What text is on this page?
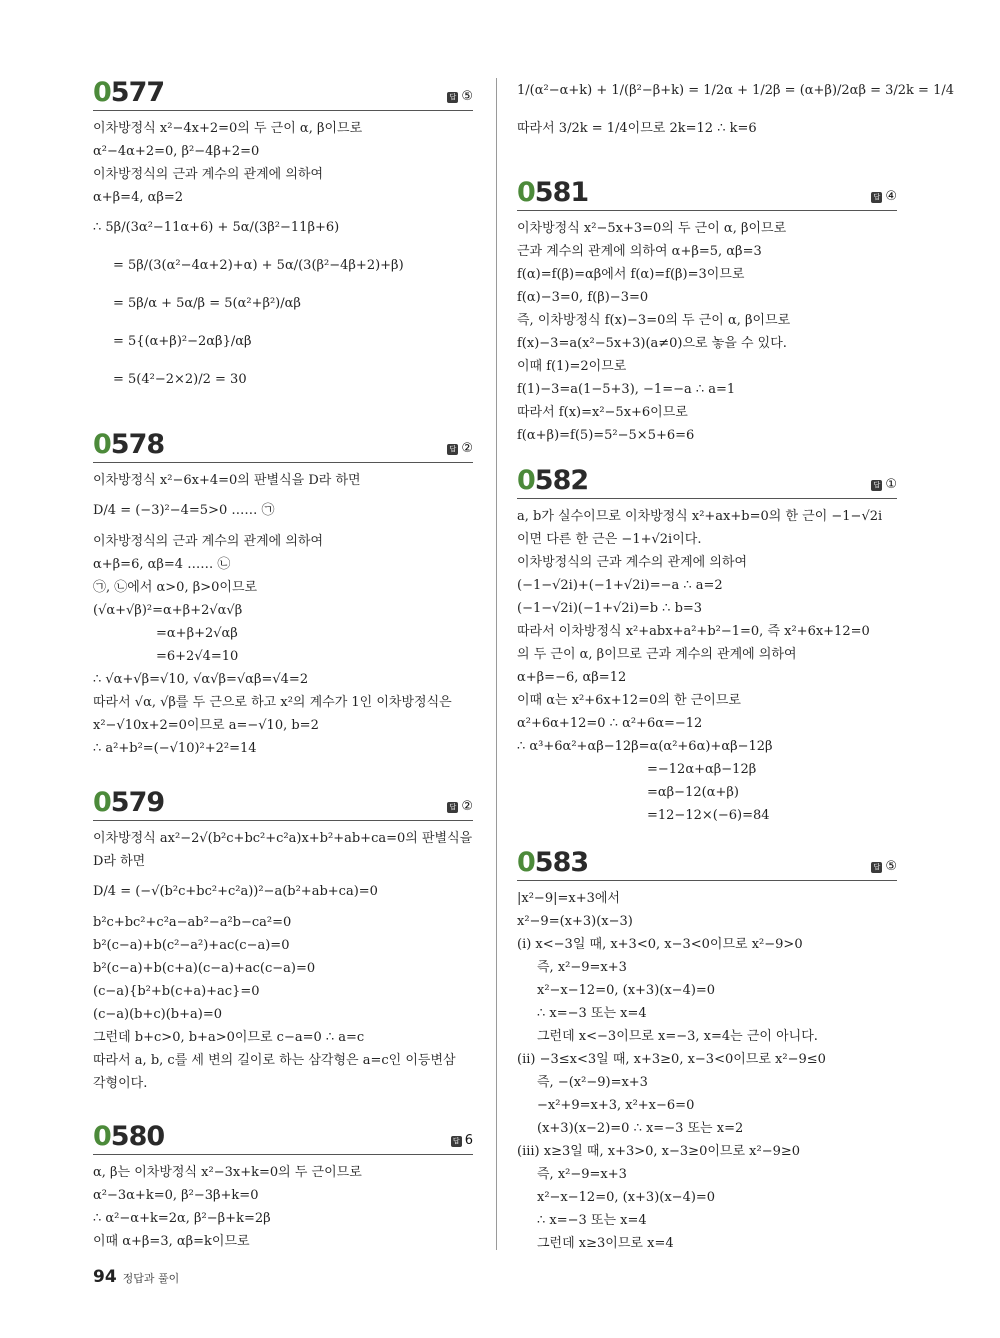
0577	답 ⑤
이차방정식 x²−4x+2=0의 두 근이 α, β이므로
α²−4α+2=0, β²−4β+2=0
이차방정식의 근과 계수의 관계에 의하여
α+β=4, αβ=2
∴ 5β/(3α²−11α+6) + 5α/(3β²−11β+6)
= 5β/(3(α²−4α+2)+α) + 5α/(3(β²−4β+2)+β)
= 5β/α + 5α/β = 5(α²+β²)/αβ
= 5{(α+β)²−2αβ}/αβ
= 5(4²−2×2)/2 = 30
0578	답 ②
이차방정식 x²−6x+4=0의 판별식을 D라 하면
D/4 = (−3)²−4=5>0 …… ㉠
이차방정식의 근과 계수의 관계에 의하여
α+β=6, αβ=4 …… ㉡
㉠, ㉡에서 α>0, β>0이므로
(√α+√β)²=α+β+2√α√β
=α+β+2√αβ
=6+2√4=10
∴ √α+√β=√10, √α√β=√αβ=√4=2
따라서 √α, √β를 두 근으로 하고 x²의 계수가 1인 이차방정식은
x²−√10x+2=0이므로 a=−√10, b=2
∴ a²+b²=(−√10)²+2²=14
0579	답 ②
이차방정식 ax²−2√(b²c+bc²+c²a)x+b²+ab+ca=0의 판별식을
D라 하면
D/4 = (−√(b²c+bc²+c²a))²−a(b²+ab+ca)=0
b²c+bc²+c²a−ab²−a²b−ca²=0
b²(c−a)+b(c²−a²)+ac(c−a)=0
b²(c−a)+b(c+a)(c−a)+ac(c−a)=0
(c−a){b²+b(c+a)+ac}=0
(c−a)(b+c)(b+a)=0
그런데 b+c>0, b+a>0이므로 c−a=0 ∴ a=c
따라서 a, b, c를 세 변의 길이로 하는 삼각형은 a=c인 이등변삼
각형이다.
0580	답 6
α, β는 이차방정식 x²−3x+k=0의 두 근이므로
α²−3α+k=0, β²−3β+k=0
∴ α²−α+k=2α, β²−β+k=2β
이때 α+β=3, αβ=k이므로
1/(α²−α+k) + 1/(β²−β+k) = 1/2α + 1/2β = (α+β)/2αβ = 3/2k = 1/4
따라서 3/2k = 1/4이므로 2k=12 ∴ k=6
0581	답 ④
이차방정식 x²−5x+3=0의 두 근이 α, β이므로
근과 계수의 관계에 의하여 α+β=5, αβ=3
f(α)=f(β)=αβ에서 f(α)=f(β)=3이므로
f(α)−3=0, f(β)−3=0
즉, 이차방정식 f(x)−3=0의 두 근이 α, β이므로
f(x)−3=a(x²−5x+3)(a≠0)으로 놓을 수 있다.
이때 f(1)=2이므로
f(1)−3=a(1−5+3), −1=−a ∴ a=1
따라서 f(x)=x²−5x+6이므로
f(α+β)=f(5)=5²−5×5+6=6
0582	답 ①
a, b가 실수이므로 이차방정식 x²+ax+b=0의 한 근이 −1−√2i
이면 다른 한 근은 −1+√2i이다.
이차방정식의 근과 계수의 관계에 의하여
(−1−√2i)+(−1+√2i)=−a ∴ a=2
(−1−√2i)(−1+√2i)=b ∴ b=3
따라서 이차방정식 x²+abx+a²+b²−1=0, 즉 x²+6x+12=0
의 두 근이 α, β이므로 근과 계수의 관계에 의하여
α+β=−6, αβ=12
이때 α는 x²+6x+12=0의 한 근이므로
α²+6α+12=0 ∴ α²+6α=−12
∴ α³+6α²+αβ−12β=α(α²+6α)+αβ−12β
=−12α+αβ−12β
=αβ−12(α+β)
=12−12×(−6)=84
0583	답 ⑤
|x²−9|=x+3에서
x²−9=(x+3)(x−3)
(i) x<−3일 때, x+3<0, x−3<0이므로 x²−9>0
즉, x²−9=x+3
x²−x−12=0, (x+3)(x−4)=0
∴ x=−3 또는 x=4
그런데 x<−3이므로 x=−3, x=4는 근이 아니다.
(ii) −3≤x<3일 때, x+3≥0, x−3<0이므로 x²−9≤0
즉, −(x²−9)=x+3
−x²+9=x+3, x²+x−6=0
(x+3)(x−2)=0 ∴ x=−3 또는 x=2
(iii) x≥3일 때, x+3>0, x−3≥0이므로 x²−9≥0
즉, x²−9=x+3
x²−x−12=0, (x+3)(x−4)=0
∴ x=−3 또는 x=4
그런데 x≥3이므로 x=4
94 정답과 풀이
